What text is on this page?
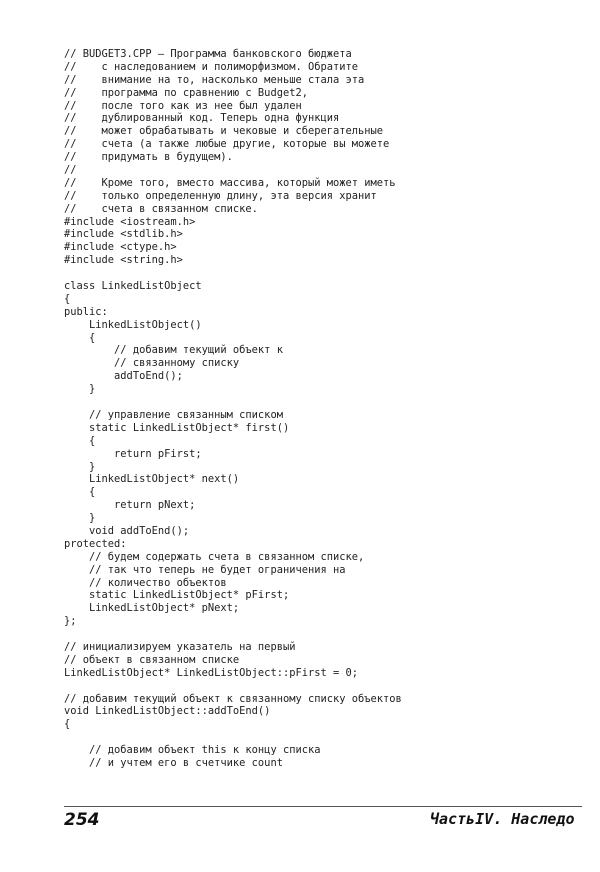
// BUDGET3.CPP — Программа банковского бюджета
//    с наследованием и полиморфизмом. Обратите
//    внимание на то, насколько меньше стала эта
//    программа по сравнению с Budget2,
//    после того как из нее был удален
//    дублированный код. Теперь одна функция
//    может обрабатывать и чековые и сберегательные
//    счета (а также любые другие, которые вы можете
//    придумать в будущем).
//
//    Кроме того, вместо массива, который может иметь
//    только определенную длину, эта версия хранит
//    счета в связанном списке.
#include <iostream.h>
#include <stdlib.h>
#include <ctype.h>
#include <string.h>
class LinkedListObject
{
public:
LinkedListObject()
{
// добавим текущий объект к
// связанному списку
addToEnd();
}
// управление связанным списком
static LinkedListObject* first()
{
return pFirst;
}
LinkedListObject* next()
{
return pNext;
}
void addToEnd();
protected:
// будем содержать счета в связанном списке,
// так что теперь не будет ограничения на
// количество объектов
static LinkedListObject* pFirst;
LinkedListObject* pNext;
};
// инициализируем указатель на первый
// объект в связанном списке
LinkedListObject* LinkedListObject::pFirst = 0;
// добавим текущий объект к связанному списку объектов
void LinkedListObject::addToEnd()
{
// добавим объект this к концу списка
// и учтем его в счетчике count
254	ЧастьIV. Наследо
